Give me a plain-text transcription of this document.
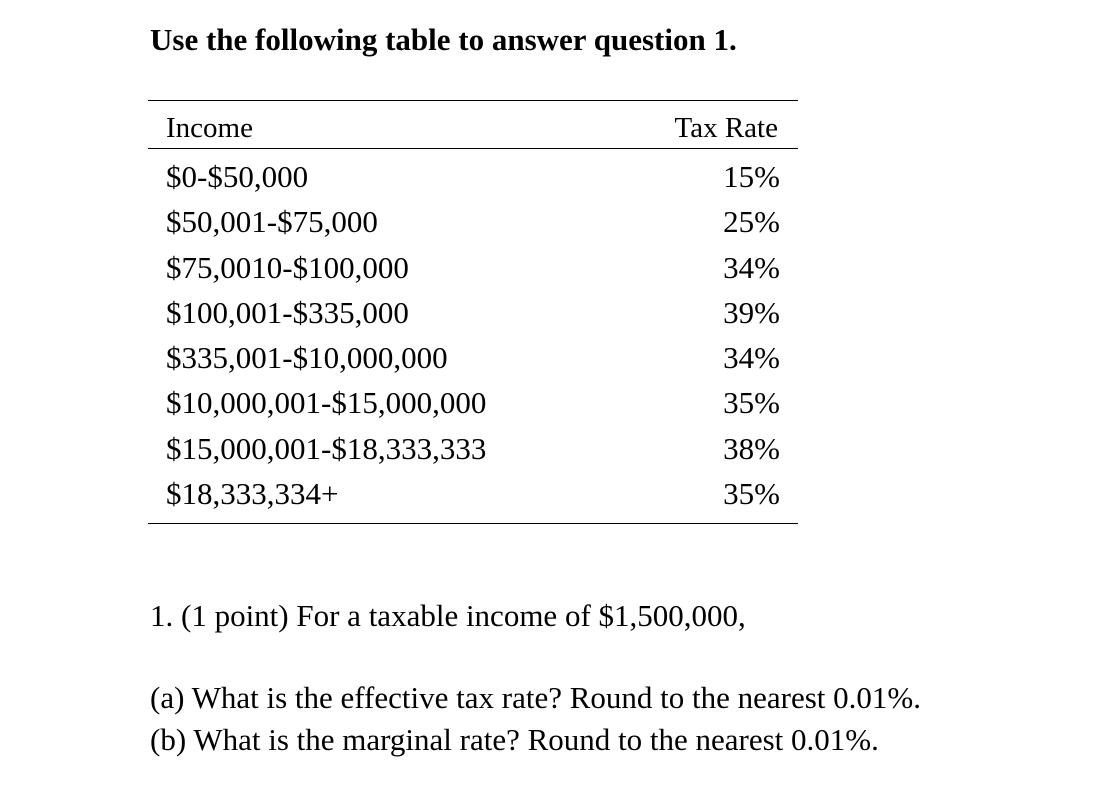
Use the following table to answer question 1.
Income	Tax Rate
$0-$50,000	15%
$50,001-$75,000	25%
$75,0010-$100,000	34%
$100,001-$335,000	39%
$335,001-$10,000,000	34%
$10,000,001-$15,000,000	35%
$15,000,001-$18,333,333	38%
$18,333,334+	35%
1. (1 point) For a taxable income of $1,500,000,
(a) What is the effective tax rate? Round to the nearest 0.01%.
(b) What is the marginal rate? Round to the nearest 0.01%.
